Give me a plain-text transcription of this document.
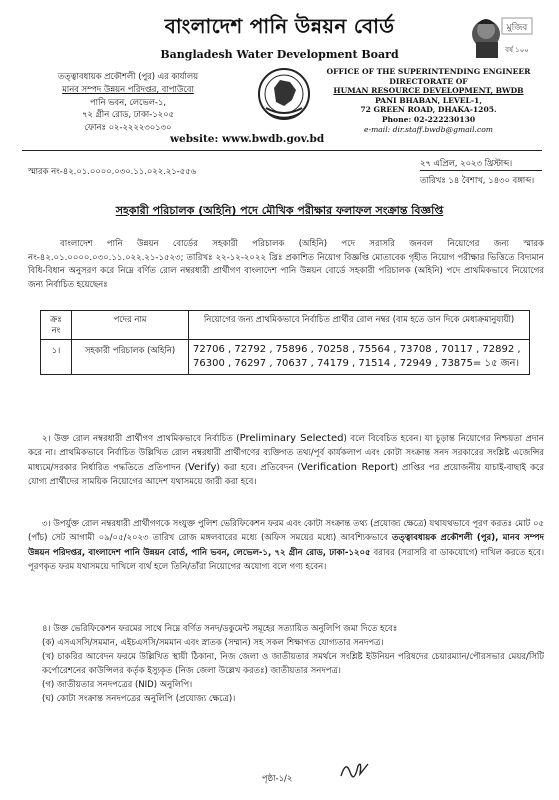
বাংলাদেশ পানি উন্নয়ন বোর্ড
Bangladesh Water Development Board
মুজিব
বর্ষ ১০০
তত্ত্বাবধায়ক প্রকৌশলী (পুর) এর কার্যালয়
মানব সম্পদ উন্নয়ন পরিদপ্তর, বাপাউবো
পানি ভবন, লেভেল-১,
৭২ গ্রীন রোড, ঢাকা-১২০৫
ফোনঃ ০২-২২২২৩০১৩০
OFFICE OF THE SUPERINTENDING ENGINEER
DIRECTORATE OF
HUMAN RESOURCE DEVELOPMENT, BWDB
PANI BHABAN, LEVEL-1,
72 GREEN ROAD, DHAKA-1205.
Phone: 02-222230130
e-mail: dir.staff.bwdb@gmail.com
website: www.bwdb.gov.bd
স্মারক নং-৪২.০১.০০০০.০৩০.১১.০২২.২১-৫৫৬
২৭ এপ্রিল, ২০২৩ খ্রিস্টাব্দ।
তারিখঃ ১৪ বৈশাখ, ১৪৩০ বঙ্গাব্দ।
সহকারী পরিচালক (অহিনি) পদে মৌখিক পরীক্ষার ফলাফল সংক্রান্ত বিজ্ঞপ্তি
বাংলাদেশ পানি উন্নয়ন বোর্ডের সহকারী পরিচালক (অহিনি) পদে সরাসরি জনবল নিয়োগের জন্য স্মারক নং-৪২.০১.০০০০.০৩০.১১.০২২.২১-১৫২৩; তারিখঃ ২২-১২-২০২২ খ্রিঃ প্রকাশিত নিয়োগ বিজ্ঞপ্তি মোতাবেক গৃহীত নিয়োগ পরীক্ষার ভিত্তিতে বিদ্যমান বিধি-বিধান অনুসরণ করে নিম্নে বর্ণিত রোল নম্বরধারী প্রার্থীগণ বাংলাদেশ পানি উন্নয়ন বোর্ডে সহকারী পরিচালক (অহিনি) পদে প্রাথমিকভাবে নিয়োগের জন্য নির্বাচিত হয়েছেনঃ
ক্রঃ নং	পদের নাম	নিয়োগের জন্য প্রাথমিকভাবে নির্বাচিত প্রার্থীর রোল নম্বর (বাম হতে ডান দিকে মেধাক্রমানুযায়ী)
১।	সহকারী পরিচালক (অহিনি)	72706 , 72792 , 75896 , 70258 , 75564 , 73708 , 70117 , 72892 , 76300 , 76297 , 70637 , 74179 , 71514 , 72949 , 73875= ১৫ জন।
২। উক্ত রোল নম্বরধারী প্রার্থীগণ প্রাথমিকভাবে নির্বাচিত (Preliminary Selected) বলে বিবেচিত হবেন। যা চূড়ান্ত নিয়োগের নিশ্চয়তা প্রদান করে না। প্রাথমিকভাবে নির্বাচিত উল্লিখিত রোল নম্বরধারী প্রার্থীগণের ব্যক্তিগত তথ্য/পূর্ব কার্যকলাপ এবং কোটা সংক্রান্ত সনদ সরকারের সংশ্লিষ্ট এজেন্সির মাধ্যমে/সরকার নির্ধারিত পদ্ধতিতে প্রতিপাদন (Verify) করা হবে। প্রতিবেদন (Verification Report) প্রাপ্তির পর প্রয়োজনীয় যাচাই-বাছাই করে যোগ্য প্রার্থীদের সাময়িক নিয়োগের আদেশ যথাসময়ে জারী করা হবে।
৩। উপর্যুক্ত রোল নম্বরধারী প্রার্থীগণকে সংযুক্ত পুলিশ ভেরিফিকেশন ফরম এবং কোটা সংক্রান্ত তথ্য (প্রযোজ্য ক্ষেত্রে) যথাযথভাবে পূরণ করতঃ মোট ০৫ (পাঁচ) সেট আগামী ০৯/০৫/২০২৩ তারিখ রোজ মঙ্গলবারের মধ্যে (অফিস সময়ের মধ্যে) আবশ্যিকভাবে তত্ত্বাবধায়ক প্রকৌশলী (পুর), মানব সম্পদ উন্নয়ন পরিদপ্তর, বাংলাদেশ পানি উন্নয়ন বোর্ড, পানি ভবন, লেভেল-১, ৭২ গ্রীন রোড, ঢাকা-১২০৫ বরাবর (সরাসরি বা ডাকযোগে) দাখিল করতে হবে। পূরণকৃত ফরম যথাসময়ে দাখিলে ব্যর্থ হলে তিনি/তাঁরা নিয়োগের অযোগ্য বলে গণ্য হবেন।
৪। উক্ত ভেরিফিকেশন ফরমের সাথে নিম্নে বর্ণিত সনদ/ডকুমেন্ট সমূহের সত্যায়িত অনুলিপি জমা দিতে হবেঃ
(ক) এসএসসি/সমমান, এইচএসসি/সমমান এবং স্নাতক (সম্মান) সহ সকল শিক্ষাগত যোগ্যতার সনদপত্র।
(খ) চাকরির আবেদন ফরমে উল্লিখিত স্থায়ী ঠিকানা, নিজ জেলা ও জাতীয়তার সমর্থনে সংশ্লিষ্ট ইউনিয়ন পরিষদের চেয়ারম্যান/পৌরসভার মেয়র/সিটি কর্পোরেশনের কাউন্সিলর কর্তৃক ইস্যুকৃত (নিজ জেলা উল্লেখ করতঃ) জাতীয়তার সনদপত্র।
(গ) জাতীয়তার সনদপত্রের (NID) অনুলিপি।
(ঘ) কোটা সংক্রান্ত সনদপত্রের অনুলিপি (প্রযোজ্য ক্ষেত্রে)।
পৃষ্ঠা-১/২
